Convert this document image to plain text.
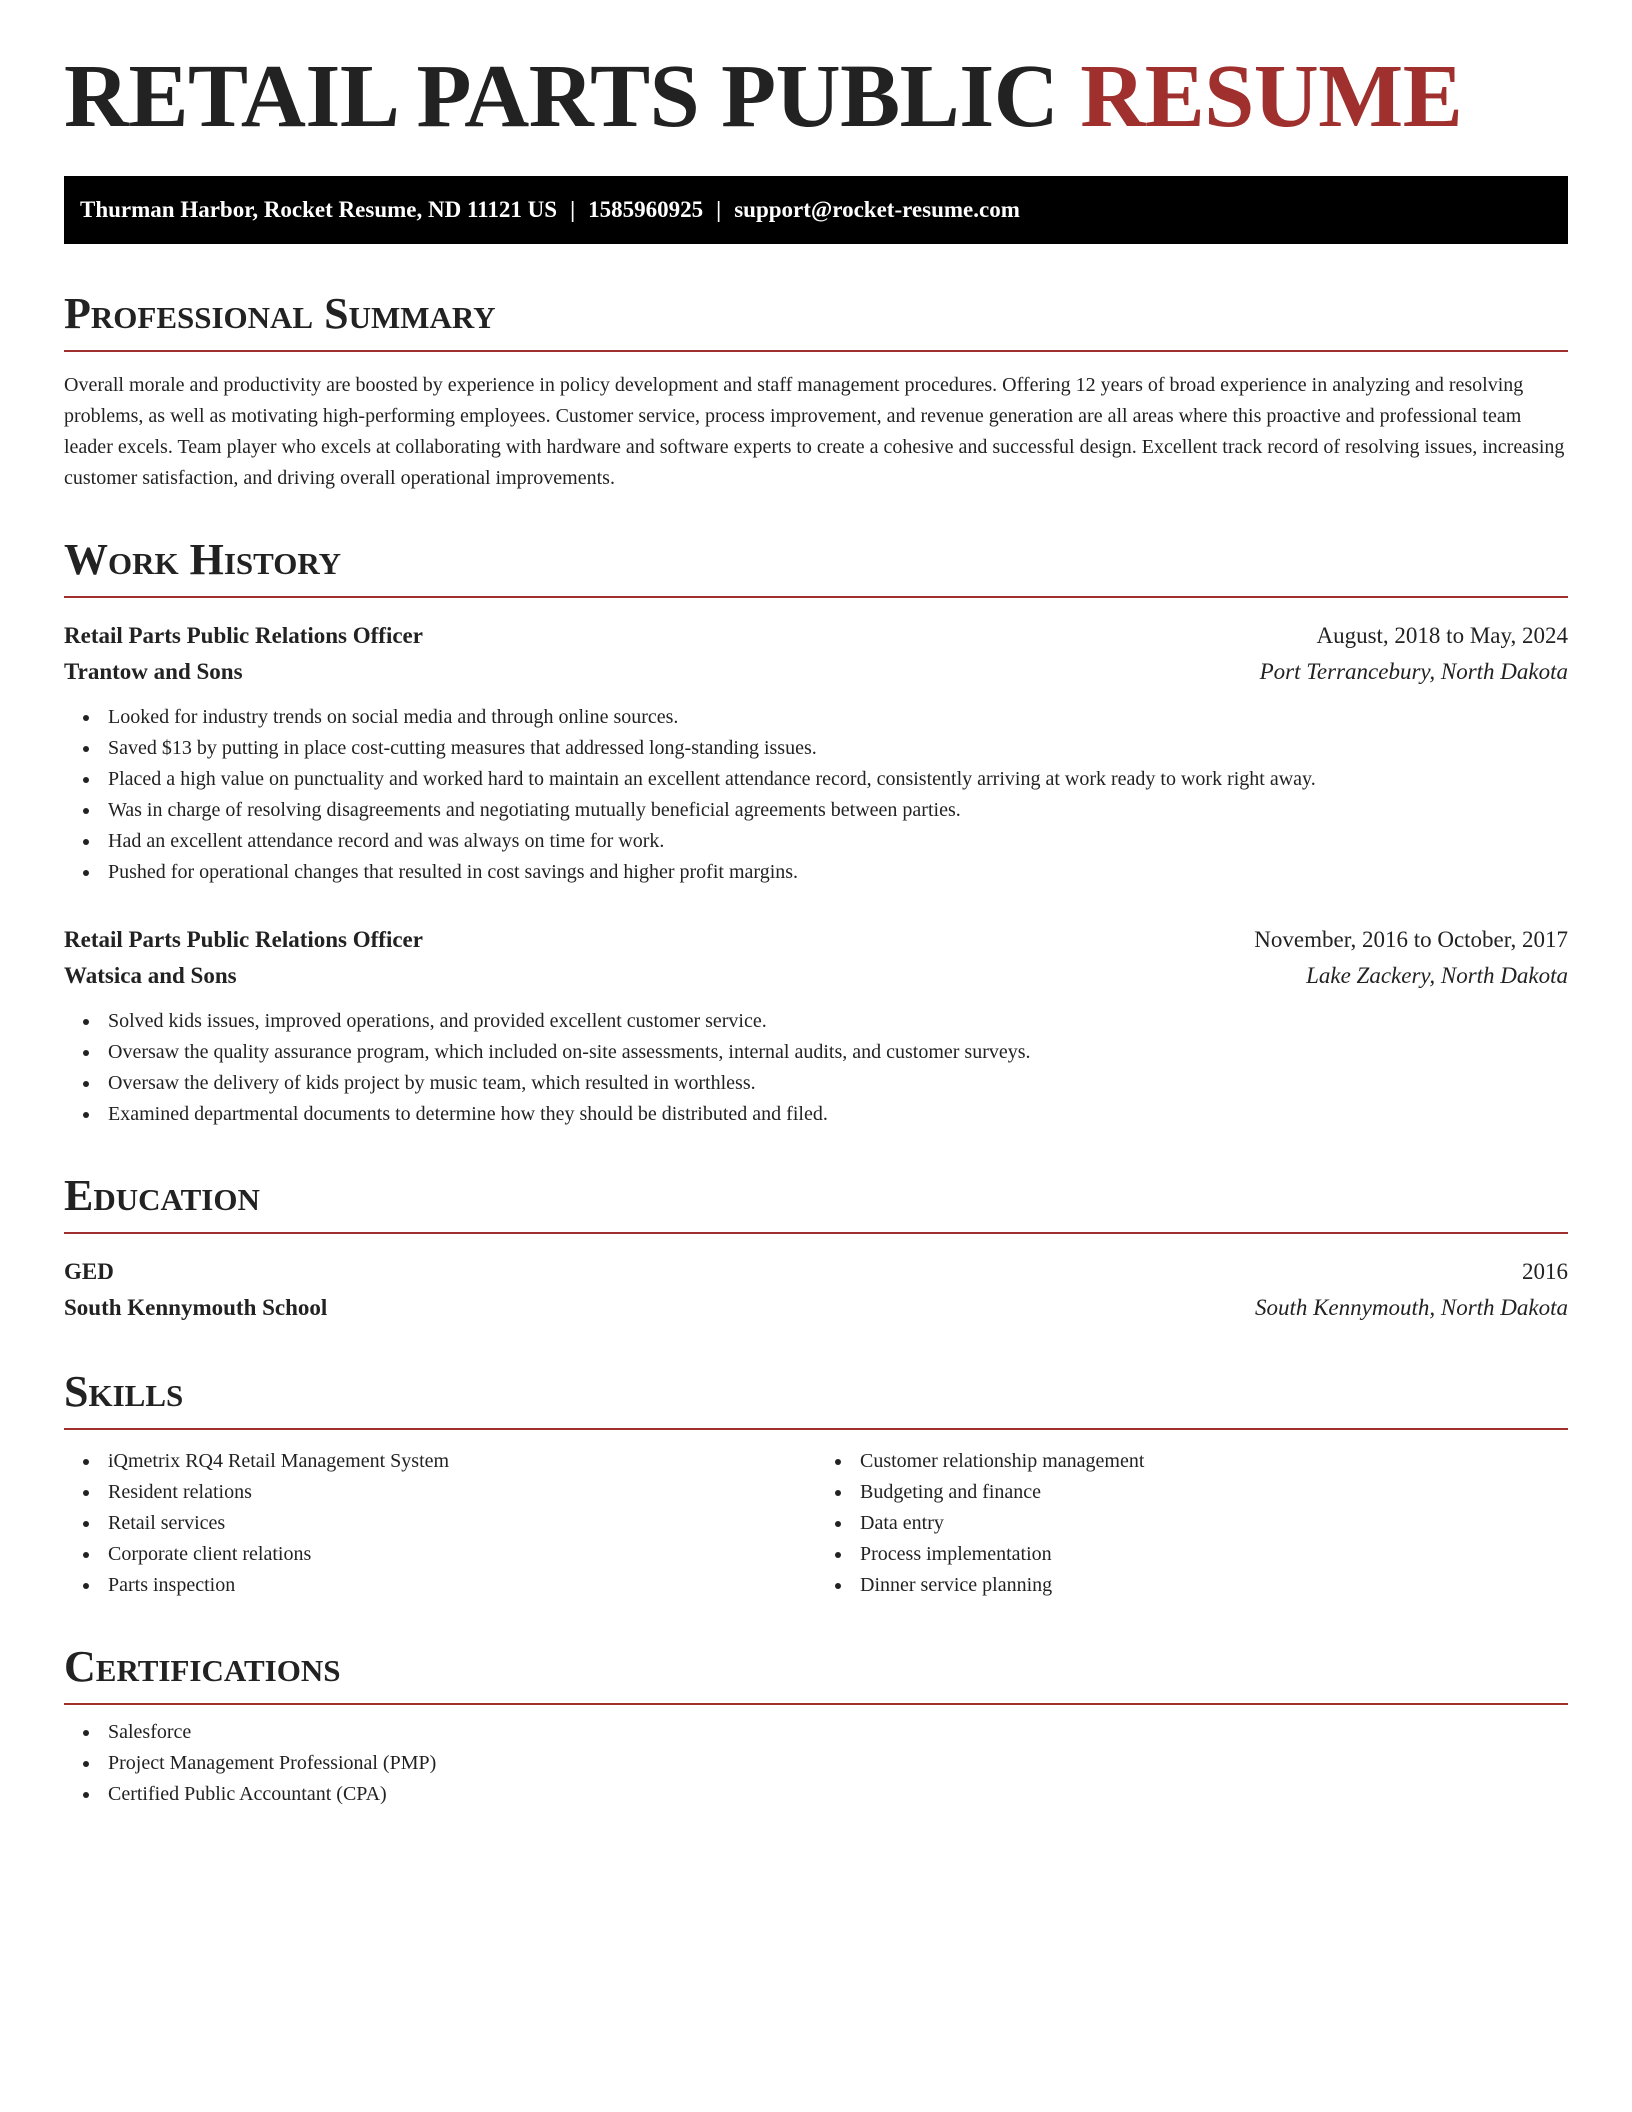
RETAIL PARTS PUBLIC RESUME
Thurman Harbor, Rocket Resume, ND 11121 US | 1585960925 | support@rocket-resume.com
Professional Summary

Overall morale and productivity are boosted by experience in policy development and staff management procedures. Offering 12 years of broad experience in analyzing and resolving problems, as well as motivating high-performing employees. Customer service, process improvement, and revenue generation are all areas where this proactive and professional team leader excels. Team player who excels at collaborating with hardware and software experts to create a cohesive and successful design. Excellent track record of resolving issues, increasing customer satisfaction, and driving overall operational improvements.

Work History
Retail Parts Public Relations Officer	August, 2018 to May, 2024
Trantow and Sons	Port Terrancebury, North Dakota
Looked for industry trends on social media and through online sources.
Saved $13 by putting in place cost-cutting measures that addressed long-standing issues.
Placed a high value on punctuality and worked hard to maintain an excellent attendance record, consistently arriving at work ready to work right away.
Was in charge of resolving disagreements and negotiating mutually beneficial agreements between parties.
Had an excellent attendance record and was always on time for work.
Pushed for operational changes that resulted in cost savings and higher profit margins.
Retail Parts Public Relations Officer	November, 2016 to October, 2017
Watsica and Sons	Lake Zackery, North Dakota
Solved kids issues, improved operations, and provided excellent customer service.
Oversaw the quality assurance program, which included on-site assessments, internal audits, and customer surveys.
Oversaw the delivery of kids project by music team, which resulted in worthless.
Examined departmental documents to determine how they should be distributed and filed.
Education
GED	2016
South Kennymouth School	South Kennymouth, North Dakota
Skills
iQmetrix RQ4 Retail Management System
Resident relations
Retail services
Corporate client relations
Parts inspection
Customer relationship management
Budgeting and finance
Data entry
Process implementation
Dinner service planning
Certifications
Salesforce
Project Management Professional (PMP)
Certified Public Accountant (CPA)
